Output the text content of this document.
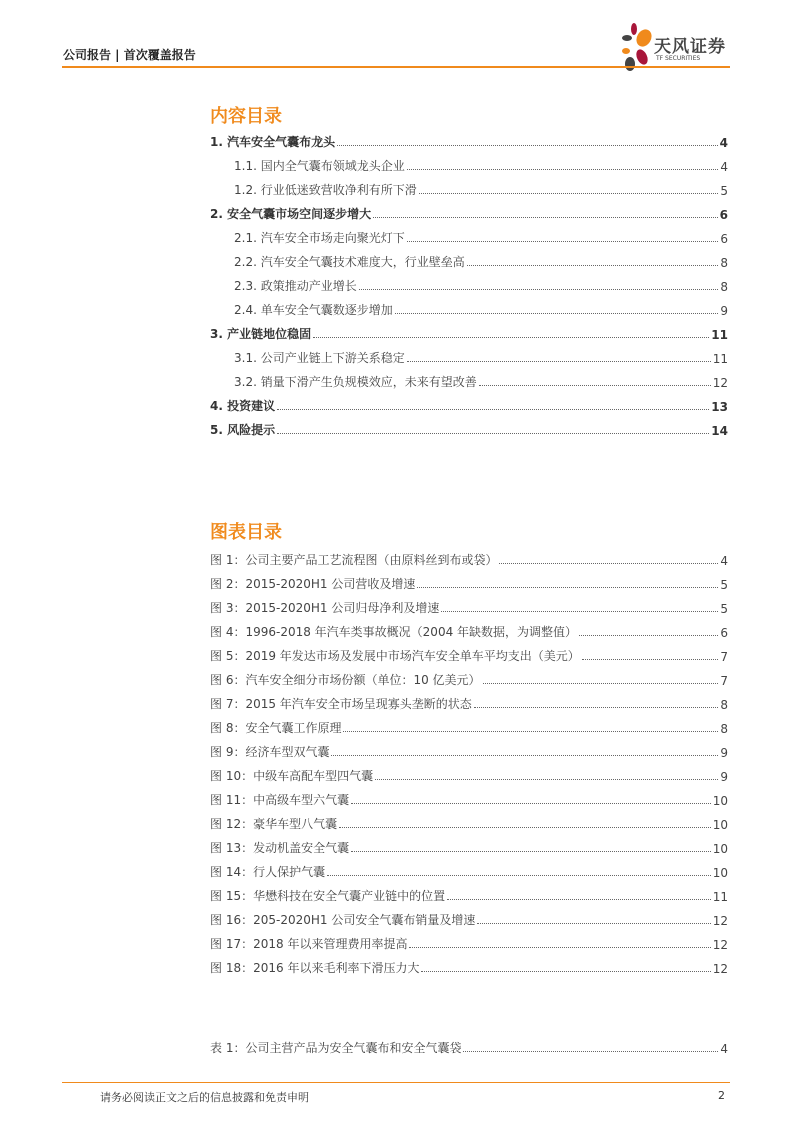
公司报告 | 首次覆盖报告	天风证券
TF SECURITIES
内容目录
1. 汽车安全气囊布龙头	4
1.1. 国内全气囊布领域龙头企业	4
1.2. 行业低迷致营收净利有所下滑	5
2. 安全气囊市场空间逐步增大	6
2.1. 汽车安全市场走向聚光灯下	6
2.2. 汽车安全气囊技术难度大，行业壁垒高	8
2.3. 政策推动产业增长	8
2.4. 单车安全气囊数逐步增加	9
3. 产业链地位稳固	11
3.1. 公司产业链上下游关系稳定	11
3.2. 销量下滑产生负规模效应，未来有望改善	12
4. 投资建议	13
5. 风险提示	14
图表目录
图 1：公司主要产品工艺流程图（由原料丝到布或袋）	4
图 2：2015-2020H1 公司营收及增速	5
图 3：2015-2020H1 公司归母净利及增速	5
图 4：1996-2018 年汽车类事故概况（2004 年缺数据，为调整值）	6
图 5：2019 年发达市场及发展中市场汽车安全单车平均支出（美元）	7
图 6：汽车安全细分市场份额（单位：10 亿美元）	7
图 7：2015 年汽车安全市场呈现寡头垄断的状态	8
图 8：安全气囊工作原理	8
图 9：经济车型双气囊	9
图 10：中级车高配车型四气囊	9
图 11：中高级车型六气囊	10
图 12：豪华车型八气囊	10
图 13：发动机盖安全气囊	10
图 14：行人保护气囊	10
图 15：华懋科技在安全气囊产业链中的位置	11
图 16：205-2020H1 公司安全气囊布销量及增速	12
图 17：2018 年以来管理费用率提高	12
图 18：2016 年以来毛利率下滑压力大	12
表 1：公司主营产品为安全气囊布和安全气囊袋	4
请务必阅读正文之后的信息披露和免责申明	2
